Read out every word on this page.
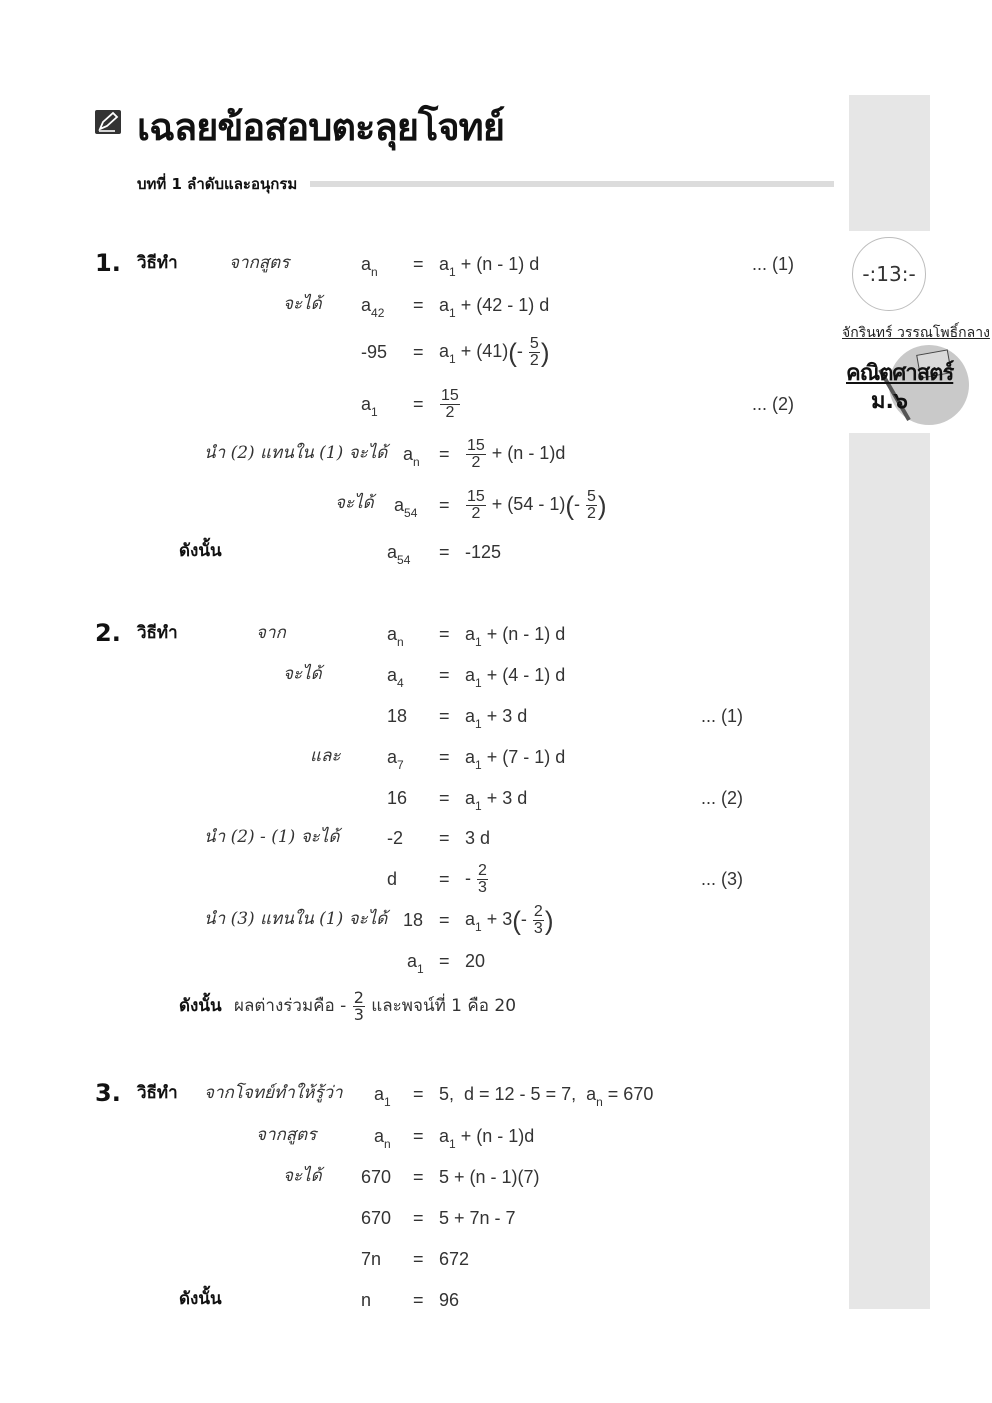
-:13:-
จักรินทร์ วรรณโพธิ์กลาง
คณิตศาสตร์
ม.๖
เฉลยข้อสอบตะลุยโจทย์
บทที่ 1 ลำดับและอนุกรม
1. วิธีทำ	จากสูตร	$a_n = a_1 + (n - 1)$ d	... (1)
จะได้ $a_{42} = a_1 + (42 - 1)$ d
$-95 = a_1 + (41)(- \frac{5}{2}$ )
$a_1 = \frac{15}{2}$	... (2)
นำ (2) แทนใน (1) จะได้ $a_n = \frac{15}{2} + (n - 1)d$
จะได้ $a_{54} = \frac{15}{2} + (54 - 1)(- \frac{5}{2}$ )
ดังนั้น	$a_{54} = -125$
2. วิธีทำ	จาก	$a_n = a_1 + (n - 1)$ d
จะได้	$a_4 = a_1 + (4 - 1)$ d
$18 = a_1 + 3$ d	... (1)
และ	$a_7 = a_1 + (7 - 1)$ d
$16 = a_1 + 3$ d	... (2)
นำ (2) - (1) จะได้	-2 = 3 d
d = - $\frac{2}{3}$	... (3)
นำ (3) แทนใน (1) จะได้ $18 = a_1 + 3(- \frac{2}{3}$ )
$a_1 = 20$
ดังนั้น ผลต่างร่วมคือ - $\frac{2}{3}$ และพจน์ที่ 1 คือ 20
3. วิธีทำ จากโจทย์ทำให้รู้ว่า $a_1 = 5$,  d = 12 - 5 = 7,  $a_n = 670$
จากสูตร	$a_n = a_1 + (n - 1)d$
จะได้ 670 = 5 + (n - 1)(7)
670 = 5 + 7n - 7
7n = 672
ดังนั้น	n = 96
